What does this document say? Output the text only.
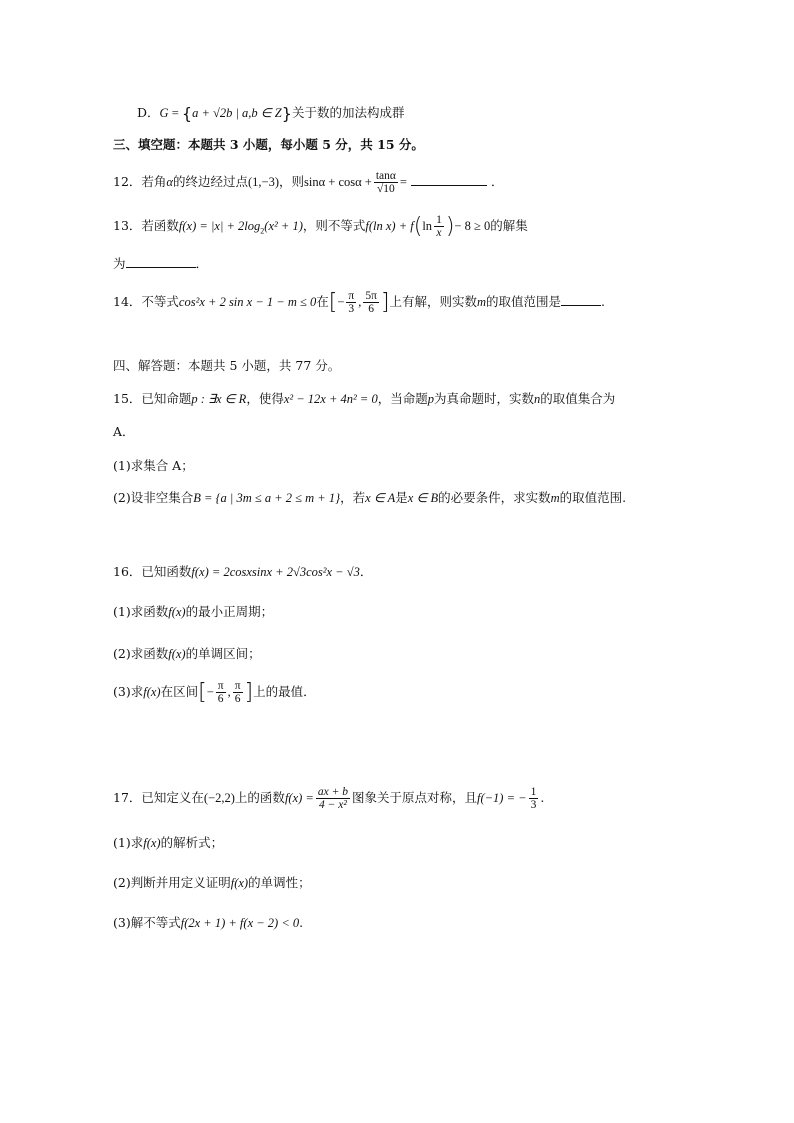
D．G = {a + √2b | a,b ∈ Z}关于数的加法构成群
三、填空题：本题共 3 小题，每小题 5 分，共 15 分。
12．若角α的终边经过点(1,−3)，则$\sin\alpha + \cos\alpha + \frac{\tan\alpha}{√10}$ =	．
13．若函数$f(x) = |x| + 2\log_2(x^2 + 1)$，则不等式f(ln $x) + f(\ln \frac{1}{x}$ )− 8 ≥ 0的解集
为	．
14．不等式cos²x + 2 sin x − 1 − m ≤ 0在[− $\frac{\pi}{3}$ , $\frac{5\pi}{6}$ ]上有解，则实数m的取值范围是	.
四、解答题：本题共 5 小题，共 77 分。
15．已知命题p : ∃x ∈ R，使得x² − 12x + 4n² = 0，当命题p为真命题时，实数n的取值集合为
A．
(1)求集合 A；
(2)设非空集合B = {a | 3m ≤ a + 2 ≤ m + 1}，若x ∈ A是x ∈ B的必要条件，求实数m的取值范围.
16．已知函数f(x) = 2cosxsinx + 2√3cos²x − √3．
(1)求函数f(x)的最小正周期；
(2)求函数f(x)的单调区间；
(3)求f(x)在区间[− $\frac{\pi}{6}$ , $\frac{\pi}{6}$ ]上的最值．
17．已知定义在(−2,2)上的函数$f(x) = \frac{ax + b}{\text{4 − x²}}$ 图象关于原点对称，且f(−1) = − $\frac{1}{3}$ .
(1)求f(x)的解析式；
(2)判断并用定义证明f(x)的单调性；
(3)解不等式f(2x + 1) + f(x − 2) < 0.
